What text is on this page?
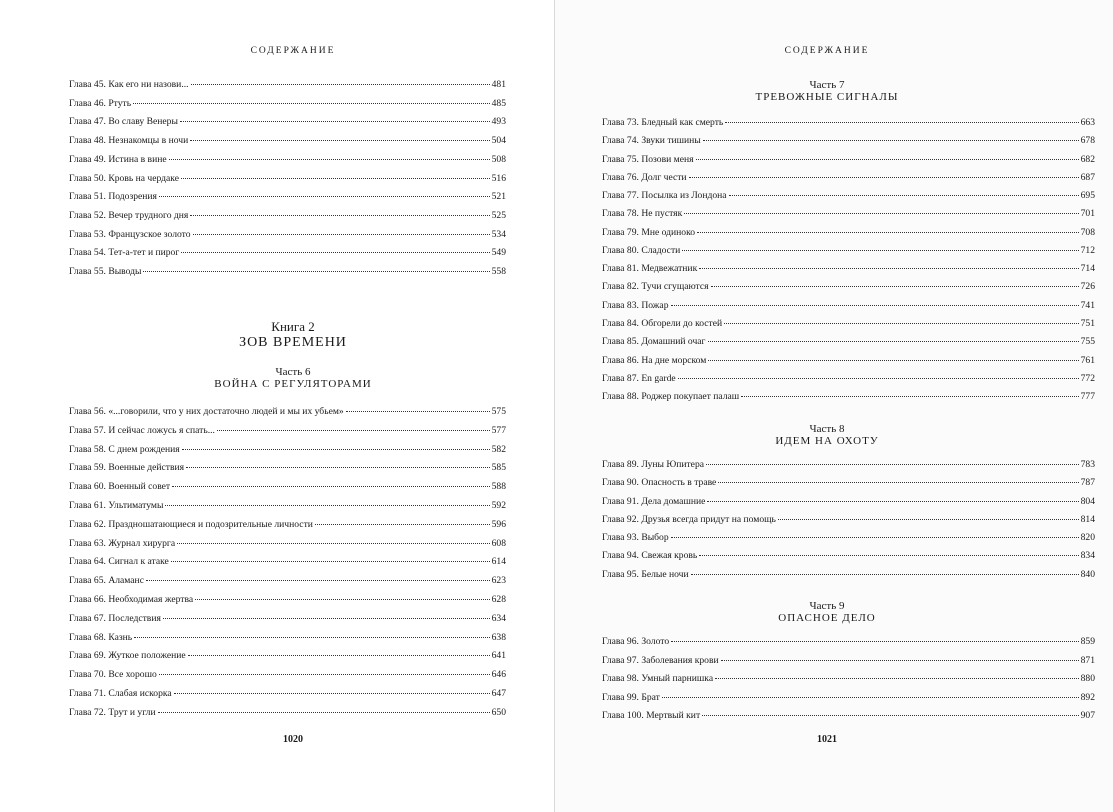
СОДЕРЖАНИЕ
Книга 2
ЗОВ ВРЕМЕНИ
Часть 6
ВОЙНА С РЕГУЛЯТОРАМИ
1020
Глава 45. Как его ни назови...	481
Глава 46. Ртуть	485
Глава 47. Во славу Венеры	493
Глава 48. Незнакомцы в ночи	504
Глава 49. Истина в вине	508
Глава 50. Кровь на чердаке	516
Глава 51. Подозрения	521
Глава 52. Вечер трудного дня	525
Глава 53. Французское золото	534
Глава 54. Тет-а-тет и пирог	549
Глава 55. Выводы	558
Глава 56. «...говорили, что у них достаточно людей и мы их убьем»	575
Глава 57. И сейчас ложусь я спать...	577
Глава 58. С днем рождения	582
Глава 59. Военные действия	585
Глава 60. Военный совет	588
Глава 61. Ультиматумы	592
Глава 62. Праздношатающиеся и подозрительные личности	596
Глава 63. Журнал хирурга	608
Глава 64. Сигнал к атаке	614
Глава 65. Аламанс	623
Глава 66. Необходимая жертва	628
Глава 67. Последствия	634
Глава 68. Казнь	638
Глава 69. Жуткое положение	641
Глава 70. Все хорошо	646
Глава 71. Слабая искорка	647
Глава 72. Трут и угли	650
СОДЕРЖАНИЕ
Часть 7
ТРЕВОЖНЫЕ СИГНАЛЫ
Часть 8
ИДЕМ НА ОХОТУ
Часть 9
ОПАСНОЕ ДЕЛО
1021
Глава 73. Бледный как смерть	663
Глава 74. Звуки тишины	678
Глава 75. Позови меня	682
Глава 76. Долг чести	687
Глава 77. Посылка из Лондона	695
Глава 78. Не пустяк	701
Глава 79. Мне одиноко	708
Глава 80. Сладости	712
Глава 81. Медвежатник	714
Глава 82. Тучи сгущаются	726
Глава 83. Пожар	741
Глава 84. Обгорели до костей	751
Глава 85. Домашний очаг	755
Глава 86. На дне морском	761
Глава 87. En garde	772
Глава 88. Роджер покупает палаш	777
Глава 89. Луны Юпитера	783
Глава 90. Опасность в траве	787
Глава 91. Дела домашние	804
Глава 92. Друзья всегда придут на помощь	814
Глава 93. Выбор	820
Глава 94. Свежая кровь	834
Глава 95. Белые ночи	840
Глава 96. Золото	859
Глава 97. Заболевания крови	871
Глава 98. Умный парнишка	880
Глава 99. Брат	892
Глава 100. Мертвый кит	907
